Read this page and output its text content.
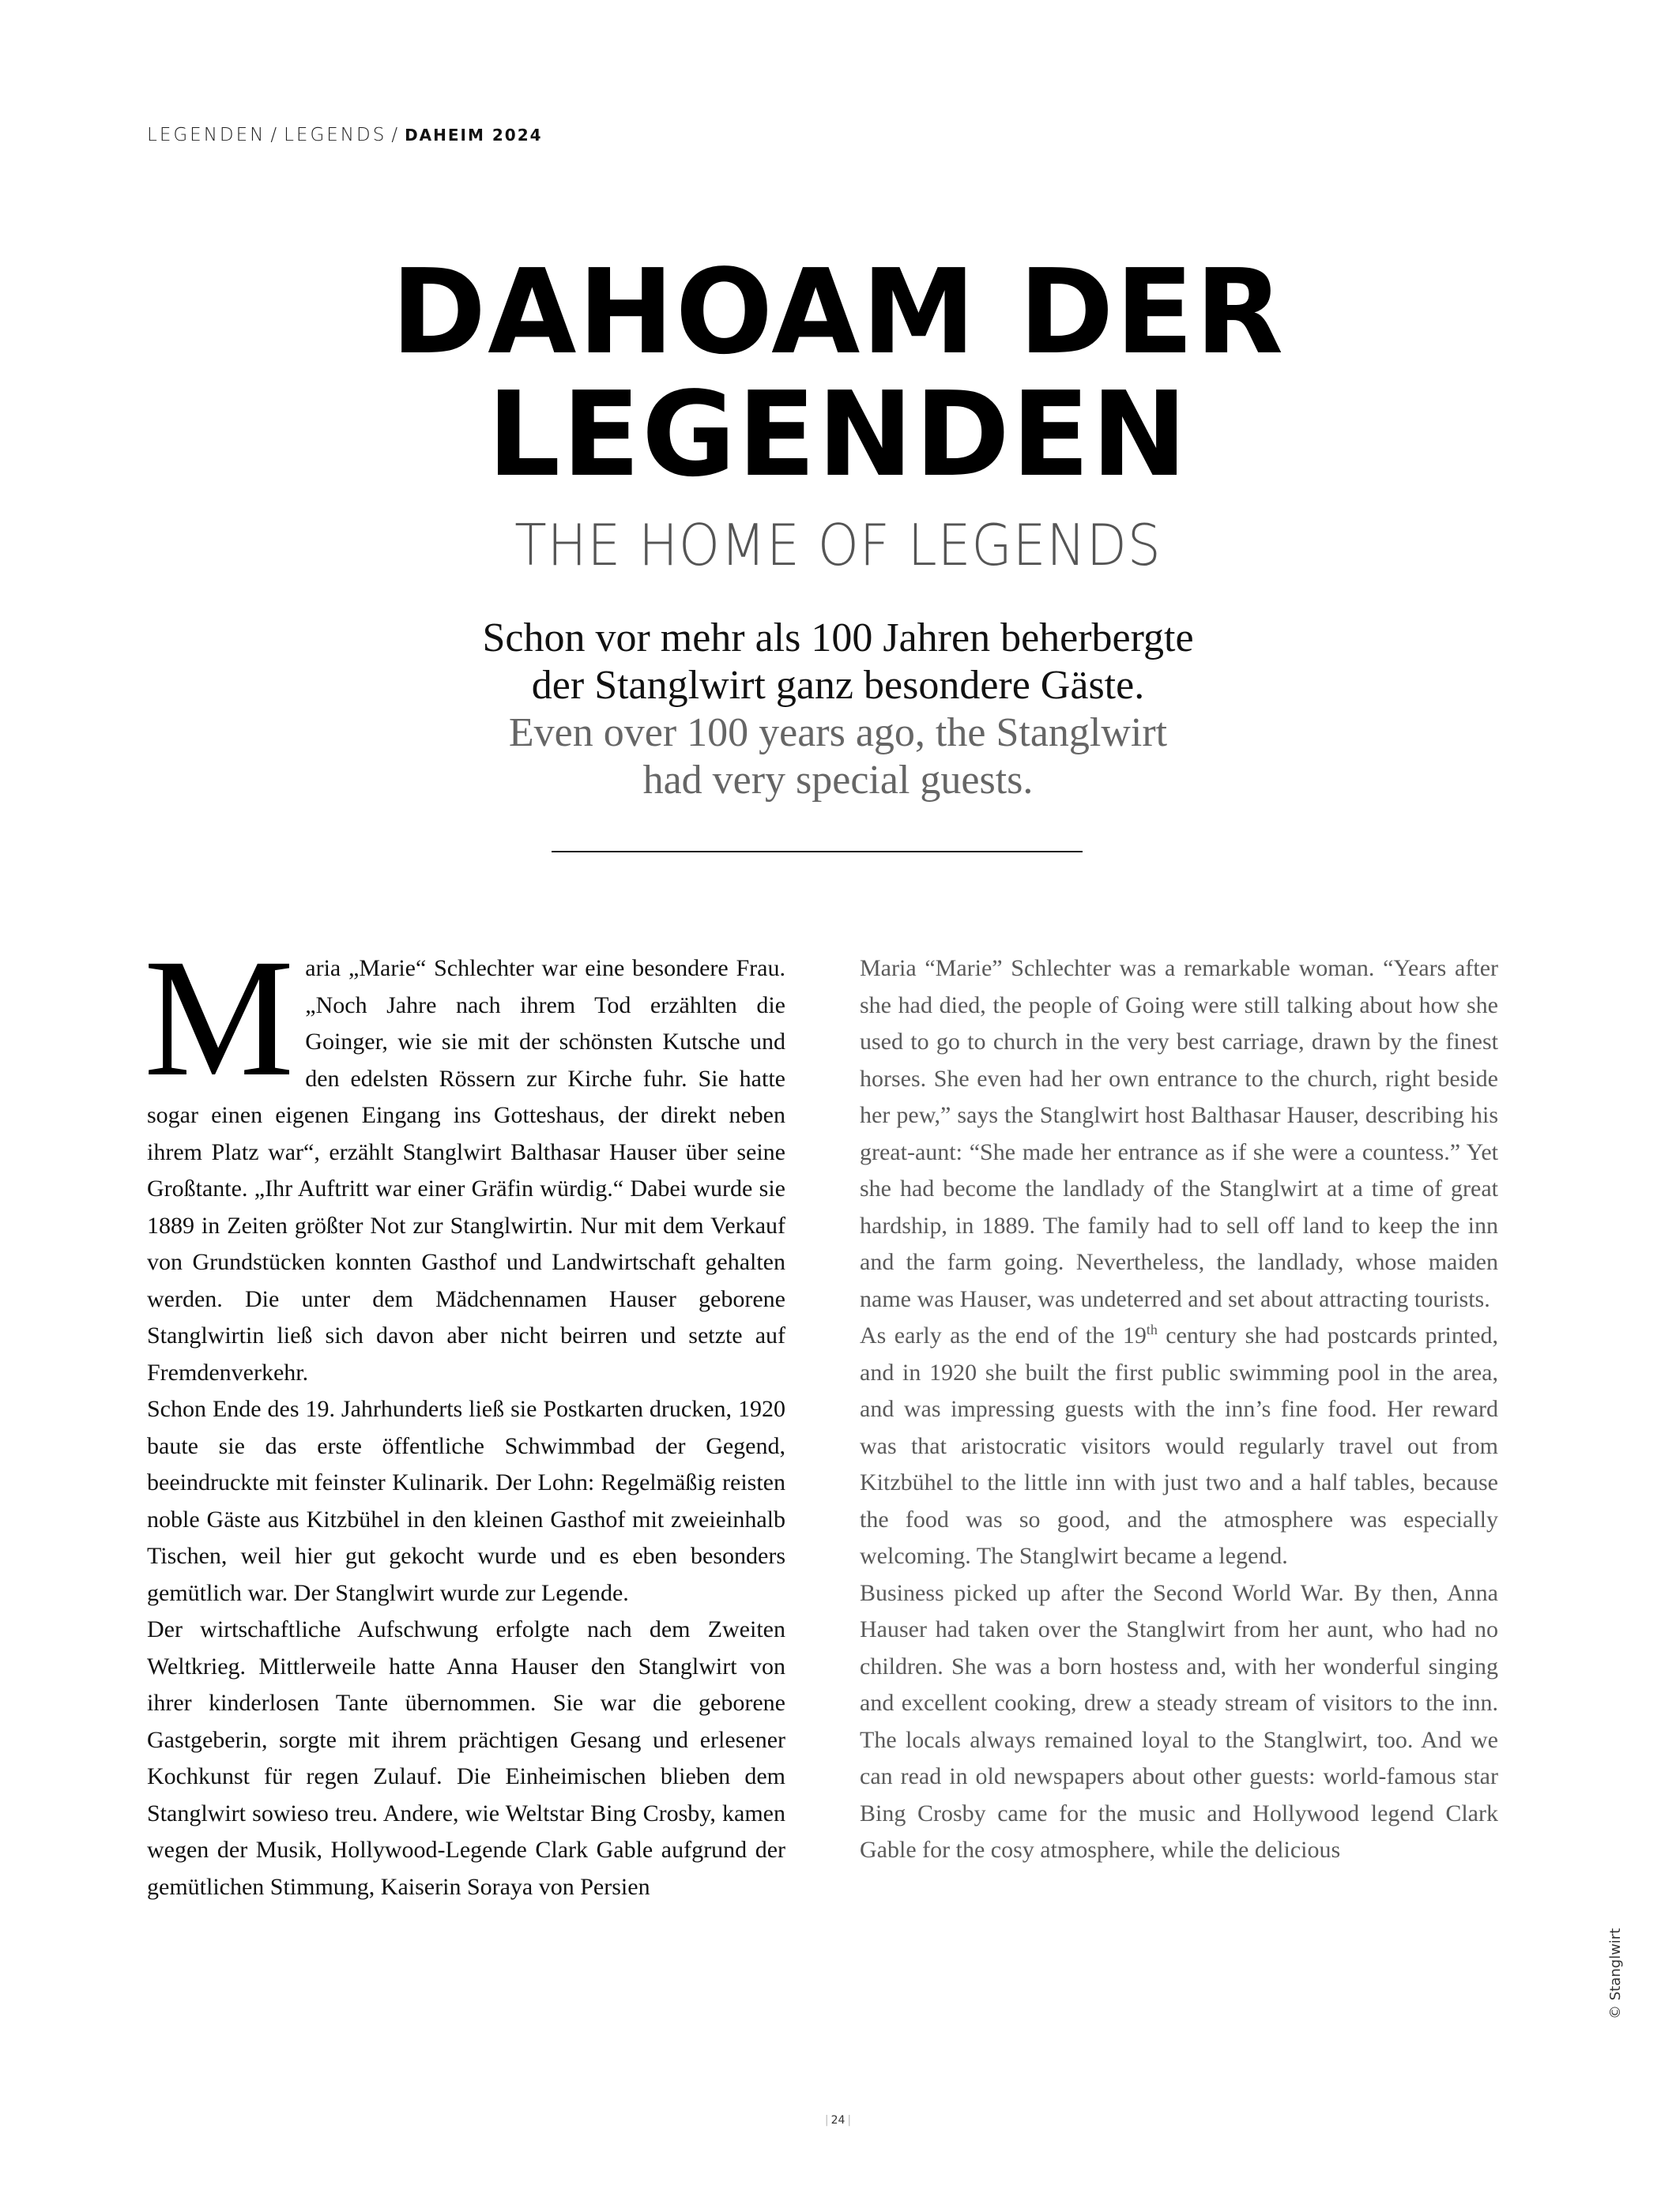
LEGENDEN / LEGENDS / DAHEIM 2024
DAHOAM DER
LEGENDEN
THE HOME OF LEGENDS
Schon vor mehr als 100 Jahren beherbergte
der Stanglwirt ganz besondere Gäste.
Even over 100 years ago, the Stanglwirt
had very special guests.

Maria „Marie“ Schlechter war eine besondere Frau. „Noch Jahre nach ihrem Tod erzählten die Goinger, wie sie mit der schönsten Kutsche und den edelsten Rössern zur Kirche fuhr. Sie hatte sogar einen eigenen Eingang ins Gotteshaus, der direkt neben ihrem Platz war“, erzählt Stanglwirt Balthasar Hauser über seine Großtante. „Ihr Auftritt war einer Gräfin würdig.“ Dabei wurde sie 1889 in Zeiten größter Not zur Stanglwirtin. Nur mit dem Verkauf von Grundstücken konnten Gasthof und Landwirtschaft gehalten werden. Die unter dem Mädchennamen Hauser geborene Stanglwirtin ließ sich davon aber nicht beirren und setzte auf Fremdenverkehr.

Schon Ende des 19. Jahrhunderts ließ sie Postkarten drucken, 1920 baute sie das erste öffentliche Schwimmbad der Gegend, beeindruckte mit feinster Kulinarik. Der Lohn: Regelmäßig reisten noble Gäste aus Kitzbühel in den kleinen Gasthof mit zweieinhalb Tischen, weil hier gut gekocht wurde und es eben besonders gemütlich war. Der Stanglwirt wurde zur Legende.

Der wirtschaftliche Aufschwung erfolgte nach dem Zweiten Weltkrieg. Mittlerweile hatte Anna Hauser den Stanglwirt von ihrer kinderlosen Tante übernommen. Sie war die geborene Gastgeberin, sorgte mit ihrem prächtigen Gesang und erlesener Kochkunst für regen Zulauf. Die Einheimischen blieben dem Stanglwirt sowieso treu. Andere, wie Weltstar Bing Crosby, kamen wegen der Musik, Hollywood-Legende Clark Gable aufgrund der gemütlichen Stimmung, Kaiserin Soraya von Persien

Maria “Marie” Schlechter was a remarkable woman. “Years after she had died, the people of Going were still talking about how she used to go to church in the very best carriage, drawn by the finest horses. She even had her own entrance to the church, right beside her pew,” says the Stanglwirt host Balthasar Hauser, describing his great-aunt: “She made her entrance as if she were a countess.” Yet she had become the landlady of the Stanglwirt at a time of great hardship, in 1889. The family had to sell off land to keep the inn and the farm going. Nevertheless, the landlady, whose maiden name was Hauser, was undeterred and set about attracting tourists.

As early as the end of the 19th century she had postcards printed, and in 1920 she built the first public swimming pool in the area, and was impressing guests with the inn’s fine food. Her reward was that aristocratic visitors would regularly travel out from Kitzbühel to the little inn with just two and a half tables, because the food was so good, and the atmosphere was especially welcoming. The Stanglwirt became a legend.

Business picked up after the Second World War. By then, Anna Hauser had taken over the Stanglwirt from her aunt, who had no children. She was a born hostess and, with her wonderful singing and excellent cooking, drew a steady stream of visitors to the inn. The locals always remained loyal to the Stanglwirt, too. And we can read in old newspapers about other guests: world-famous star Bing Crosby came for the music and Hollywood legend Clark Gable for the cosy atmosphere, while the delicious

| 24 |
© Stanglwirt
